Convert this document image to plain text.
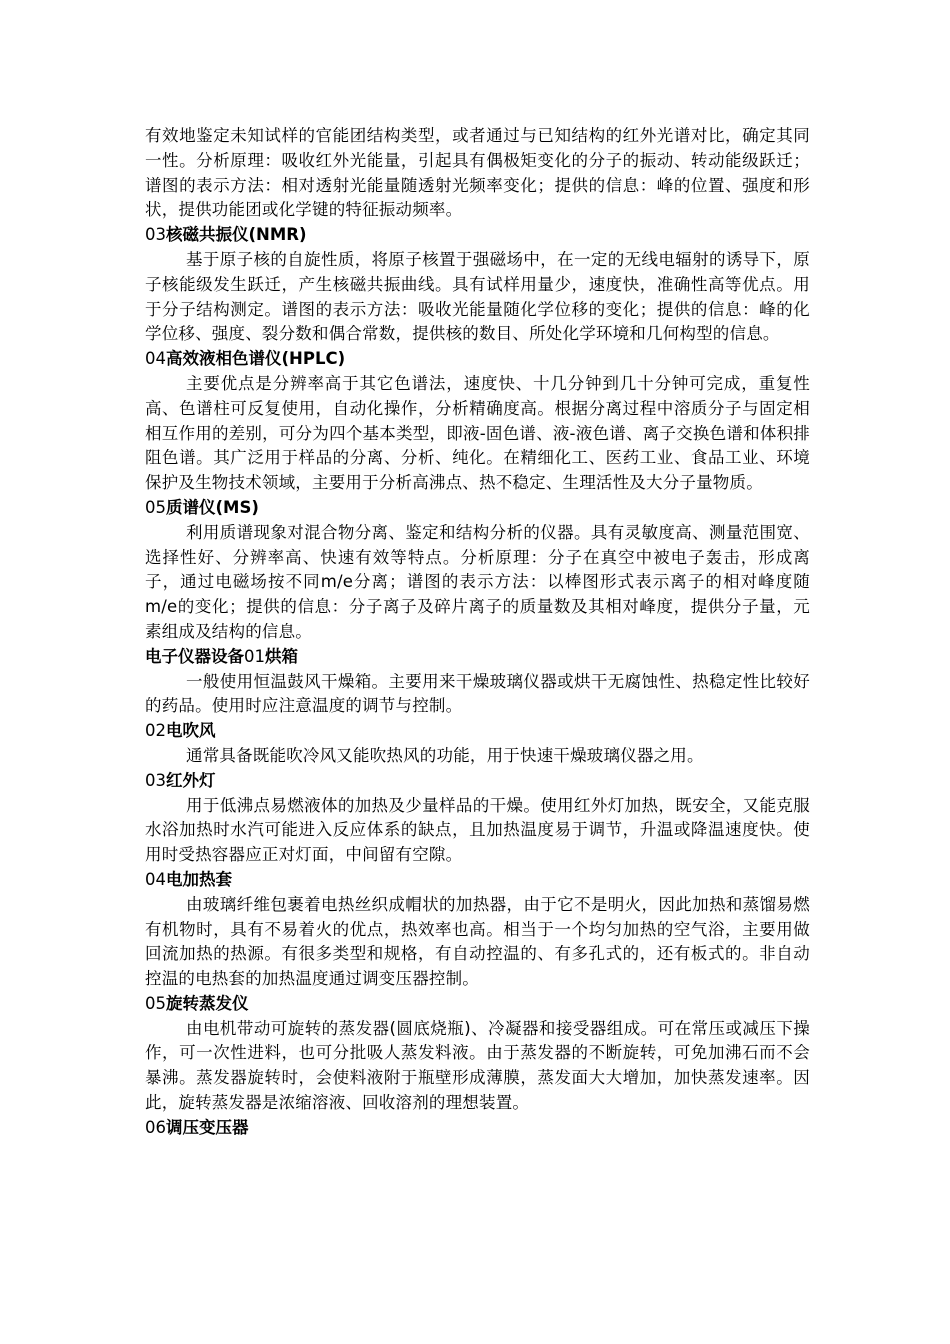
有效地鉴定未知试样的官能团结构类型，或者通过与已知结构的红外光谱对比，确定其同一性。分析原理：吸收红外光能量，引起具有偶极矩变化的分子的振动、转动能级跃迁；谱图的表示方法：相对透射光能量随透射光频率变化；提供的信息：峰的位置、强度和形状，提供功能团或化学键的特征振动频率。

03核磁共振仪(NMR)

基于原子核的自旋性质，将原子核置于强磁场中，在一定的无线电辐射的诱导下，原子核能级发生跃迁，产生核磁共振曲线。具有试样用量少，速度快，准确性高等优点。用于分子结构测定。谱图的表示方法：吸收光能量随化学位移的变化；提供的信息：峰的化学位移、强度、裂分数和偶合常数，提供核的数目、所处化学环境和几何构型的信息。

04高效液相色谱仪(HPLC)

主要优点是分辨率高于其它色谱法，速度快、十几分钟到几十分钟可完成，重复性高、色谱柱可反复使用，自动化操作，分析精确度高。根据分离过程中溶质分子与固定相相互作用的差别，可分为四个基本类型，即液-固色谱、液-液色谱、离子交换色谱和体积排阻色谱。其广泛用于样品的分离、分析、纯化。在精细化工、医药工业、食品工业、环境保护及生物技术领域，主要用于分析高沸点、热不稳定、生理活性及大分子量物质。

05质谱仪(MS)

利用质谱现象对混合物分离、鉴定和结构分析的仪器。具有灵敏度高、测量范围宽、选择性好、分辨率高、快速有效等特点。分析原理：分子在真空中被电子轰击，形成离子，通过电磁场按不同m/e分离；谱图的表示方法：以棒图形式表示离子的相对峰度随m/e的变化；提供的信息：分子离子及碎片离子的质量数及其相对峰度，提供分子量，元素组成及结构的信息。

电子仪器设备01烘箱

一般使用恒温鼓风干燥箱。主要用来干燥玻璃仪器或烘干无腐蚀性、热稳定性比较好的药品。使用时应注意温度的调节与控制。

02电吹风

通常具备既能吹冷风又能吹热风的功能，用于快速干燥玻璃仪器之用。

03红外灯

用于低沸点易燃液体的加热及少量样品的干燥。使用红外灯加热，既安全，又能克服水浴加热时水汽可能进入反应体系的缺点，且加热温度易于调节，升温或降温速度快。使用时受热容器应正对灯面，中间留有空隙。

04电加热套

由玻璃纤维包裹着电热丝织成帽状的加热器，由于它不是明火，因此加热和蒸馏易燃有机物时，具有不易着火的优点，热效率也高。相当于一个均匀加热的空气浴，主要用做回流加热的热源。有很多类型和规格，有自动控温的、有多孔式的，还有板式的。非自动控温的电热套的加热温度通过调变压器控制。

05旋转蒸发仪

由电机带动可旋转的蒸发器(圆底烧瓶)、冷凝器和接受器组成。可在常压或减压下操作，可一次性进料，也可分批吸人蒸发料液。由于蒸发器的不断旋转，可免加沸石而不会暴沸。蒸发器旋转时，会使料液附于瓶壁形成薄膜，蒸发面大大增加，加快蒸发速率。因此，旋转蒸发器是浓缩溶液、回收溶剂的理想装置。

06调压变压器
